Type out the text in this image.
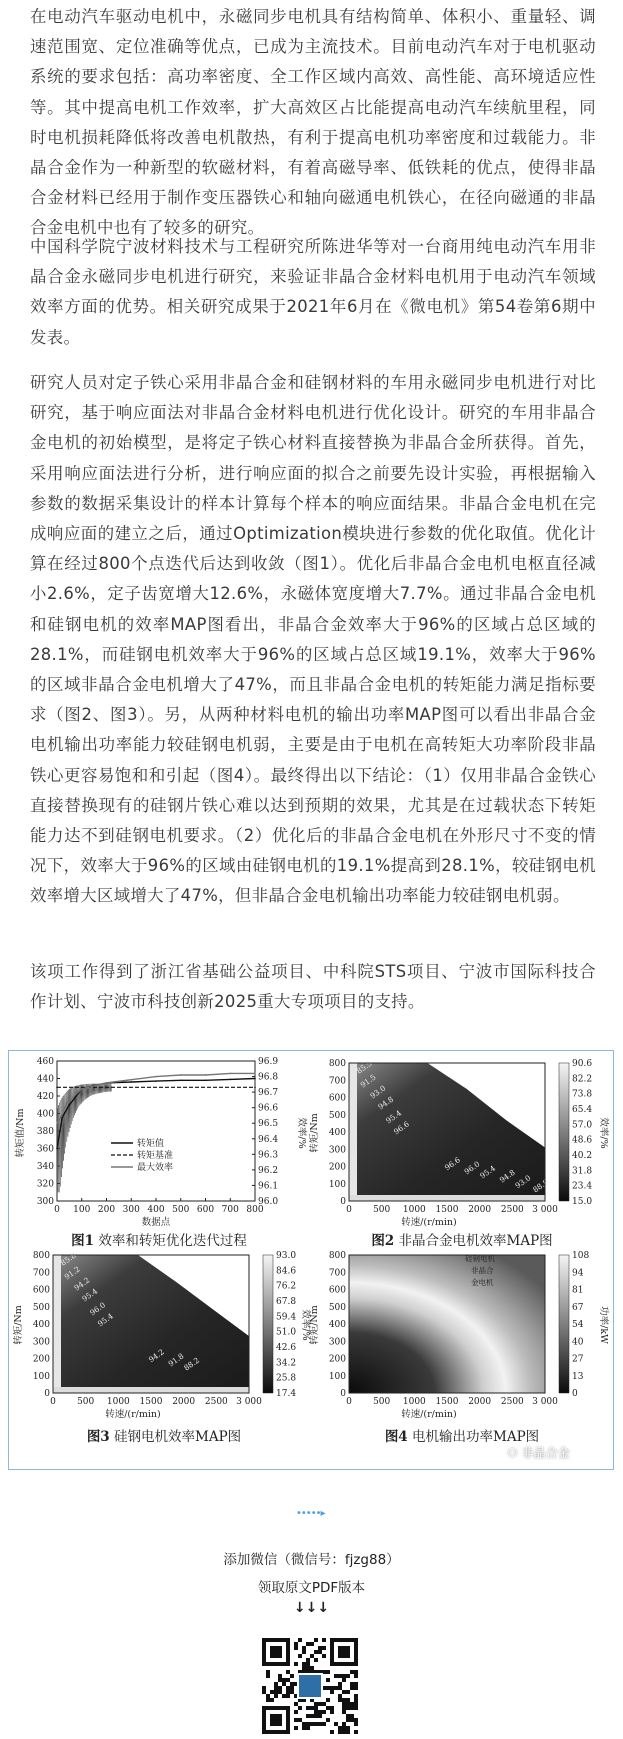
在电动汽车驱动电机中，永磁同步电机具有结构简单、体积小、重量轻、调速范围宽、定位准确等优点，已成为主流技术。目前电动汽车对于电机驱动系统的要求包括：高功率密度、全工作区域内高效、高性能、高环境适应性等。其中提高电机工作效率，扩大高效区占比能提高电动汽车续航里程，同时电机损耗降低将改善电机散热，有利于提高电机功率密度和过载能力。非晶合金作为一种新型的软磁材料，有着高磁导率、低铁耗的优点，使得非晶合金材料已经用于制作变压器铁心和轴向磁通电机铁心，在径向磁通的非晶合金电机中也有了较多的研究。

中国科学院宁波材料技术与工程研究所陈进华等对一台商用纯电动汽车用非晶合金永磁同步电机进行研究，来验证非晶合金材料电机用于电动汽车领域效率方面的优势。相关研究成果于2021年6月在《微电机》第54卷第6期中发表。

研究人员对定子铁心采用非晶合金和硅钢材料的车用永磁同步电机进行对比研究，基于响应面法对非晶合金材料电机进行优化设计。研究的车用非晶合金电机的初始模型，是将定子铁心材料直接替换为非晶合金所获得。首先，采用响应面法进行分析，进行响应面的拟合之前要先设计实验，再根据输入参数的数据采集设计的样本计算每个样本的响应面结果。非晶合金电机在完成响应面的建立之后，通过Optimization模块进行参数的优化取值。优化计算在经过800个点迭代后达到收敛（图1）。优化后非晶合金电机电枢直径减小2.6%，定子齿宽增大12.6%，永磁体宽度增大7.7%。通过非晶合金电机和硅钢电机的效率MAP图看出，非晶合金效率大于96%的区域占总区域的28.1%，而硅钢电机效率大于96%的区域占总区域19.1%，效率大于96%的区域非晶合金电机增大了47%，而且非晶合金电机的转矩能力满足指标要求（图2、图3）。另，从两种材料电机的输出功率MAP图可以看出非晶合金电机输出功率能力较硅钢电机弱，主要是由于电机在高转矩大功率阶段非晶铁心更容易饱和和引起（图4）。最终得出以下结论：（1）仅用非晶合金铁心直接替换现有的硅钢片铁心难以达到预期的效果，尤其是在过载状态下转矩能力达不到硅钢电机要求。（2）优化后的非晶合金电机在外形尺寸不变的情况下，效率大于96%的区域由硅钢电机的19.1%提高到28.1%，较硅钢电机效率增大区域增大了47%，但非晶合金电机输出功率能力较硅钢电机弱。

该项工作得到了浙江省基础公益项目、中科院STS项目、宁波市国际科技合作计划、宁波市科技创新2025重大专项项目的支持。

0 100 200 300 400 500 600 700 800
300
320
340
360
380
400
420
440
460
96.0
96.1
96.2
96.3
96.4
96.5
96.6
96.7
96.8
96.9
转矩值/Nm	效率/%
数据点
转矩值
转矩基准
最大效率
图1 效率和转矩优化迭代过程
85.5
91.5
93.0
94.8
95.4
96.6
96.6 96.0
95.4 94.8
93.0
88.8
0 500 1000 1500 2000 2500 3 000
0
100
200
300
400
500
600
700
800	90.6
82.2
73.8
65.4
57.0
48.6
40.2
31.8
23.4
15.0
转矩/Nm
转速/(r/min)
效率/%
图2 非晶合金电机效率MAP图
85.8
91.2
94.2
95.4
96.0
95.4
94.2 91.8
88.2
0 500 1000 1500 2000 2500 3 000
0
100
200
300
400
500
600
700
800	93.0
84.6
76.2
67.8
59.4
51.0
42.6
34.2
25.8
17.4
转矩/Nm
转速/(r/min)
效率/%
图3 硅钢电机效率MAP图
0 500 1000 1500 2000 2500 3 000
0
100
200
300
400
500
600
700
800	108
94
81
67
54
40
27
13
0
转矩/Nm
转速/(r/min)
功率/kW
硅钢电机
非晶合
金电机
图4 电机输出功率MAP图
⚇ 非晶合金
•••••▸
添加微信（微信号：fjzg88）
领取原文PDF版本
↓↓↓
